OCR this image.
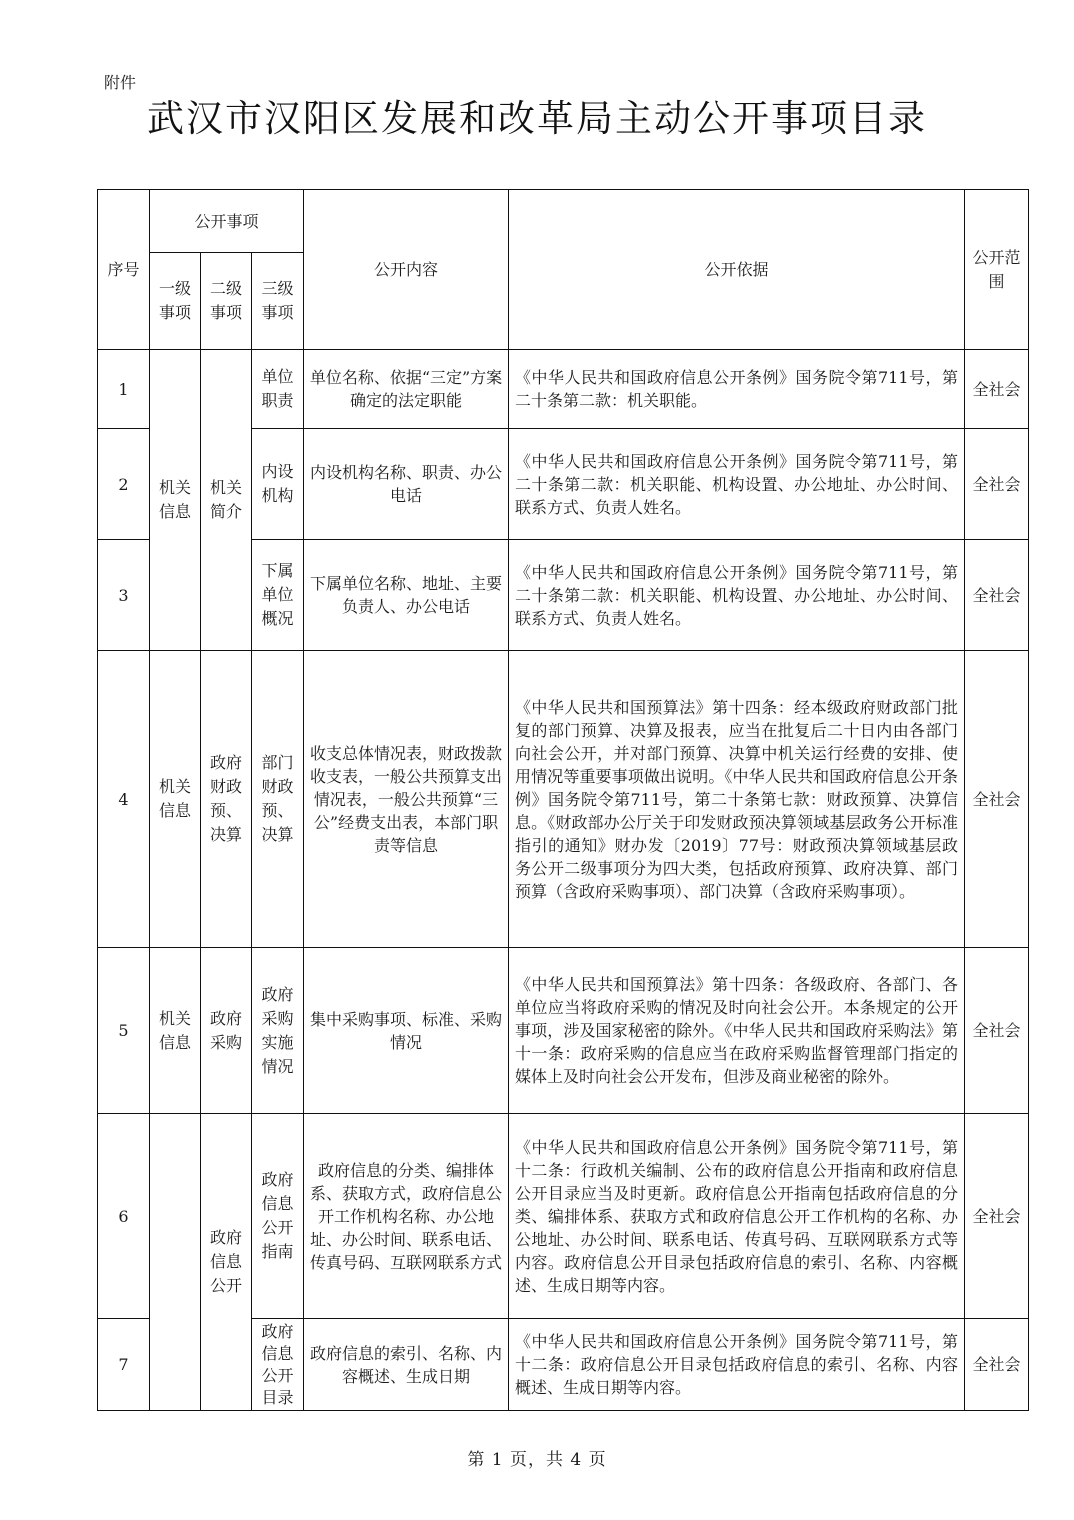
附件
武汉市汉阳区发展和改革局主动公开事项目录
序号
公开事项
一级事项
二级事项
三级事项
公开内容	公开依据
公开范围
机关信息
机关简介
机关信息
政府财政预、决算
机关信息
政府采购
政府信息公开
1
单位职责
单位名称、依据“三定”方案确定的法定职能
《中华人民共和国政府信息公开条例》国务院令第711号，第二十条第二款：机关职能。
全社会
2
内设机构
内设机构名称、职责、办公电话
《中华人民共和国政府信息公开条例》国务院令第711号，第二十条第二款：机关职能、机构设置、办公地址、办公时间、联系方式、负责人姓名。
全社会
3
下属单位概况
下属单位名称、地址、主要负责人、办公电话
《中华人民共和国政府信息公开条例》国务院令第711号，第二十条第二款：机关职能、机构设置、办公地址、办公时间、联系方式、负责人姓名。
全社会
4
部门财政预、决算
收支总体情况表，财政拨款收支表，一般公共预算支出情况表，一般公共预算“三公”经费支出表，本部门职责等信息
《中华人民共和国预算法》第十四条：经本级政府财政部门批复的部门预算、决算及报表，应当在批复后二十日内由各部门向社会公开，并对部门预算、决算中机关运行经费的安排、使用情况等重要事项做出说明。《中华人民共和国政府信息公开条例》国务院令第711号，第二十条第七款：财政预算、决算信息。《财政部办公厅关于印发财政预决算领域基层政务公开标准指引的通知》财办发〔2019〕77号：财政预决算领域基层政务公开二级事项分为四大类，包括政府预算、政府决算、部门预算（含政府采购事项）、部门决算（含政府采购事项）。
全社会
5
政府采购实施情况
集中采购事项、标准、采购情况
《中华人民共和国预算法》第十四条：各级政府、各部门、各单位应当将政府采购的情况及时向社会公开。本条规定的公开事项，涉及国家秘密的除外。《中华人民共和国政府采购法》第十一条：政府采购的信息应当在政府采购监督管理部门指定的媒体上及时向社会公开发布，但涉及商业秘密的除外。
全社会
6
政府信息公开指南
政府信息的分类、编排体系、获取方式，政府信息公开工作机构名称、办公地址、办公时间、联系电话、传真号码、互联网联系方式
《中华人民共和国政府信息公开条例》国务院令第711号，第十二条：行政机关编制、公布的政府信息公开指南和政府信息公开目录应当及时更新。政府信息公开指南包括政府信息的分类、编排体系、获取方式和政府信息公开工作机构的名称、办公地址、办公时间、联系电话、传真号码、互联网联系方式等内容。政府信息公开目录包括政府信息的索引、名称、内容概述、生成日期等内容。
全社会
7
政府信息公开目录
政府信息的索引、名称、内容概述、生成日期
《中华人民共和国政府信息公开条例》国务院令第711号，第十二条：政府信息公开目录包括政府信息的索引、名称、内容概述、生成日期等内容。
全社会
第 1 页，共 4 页
